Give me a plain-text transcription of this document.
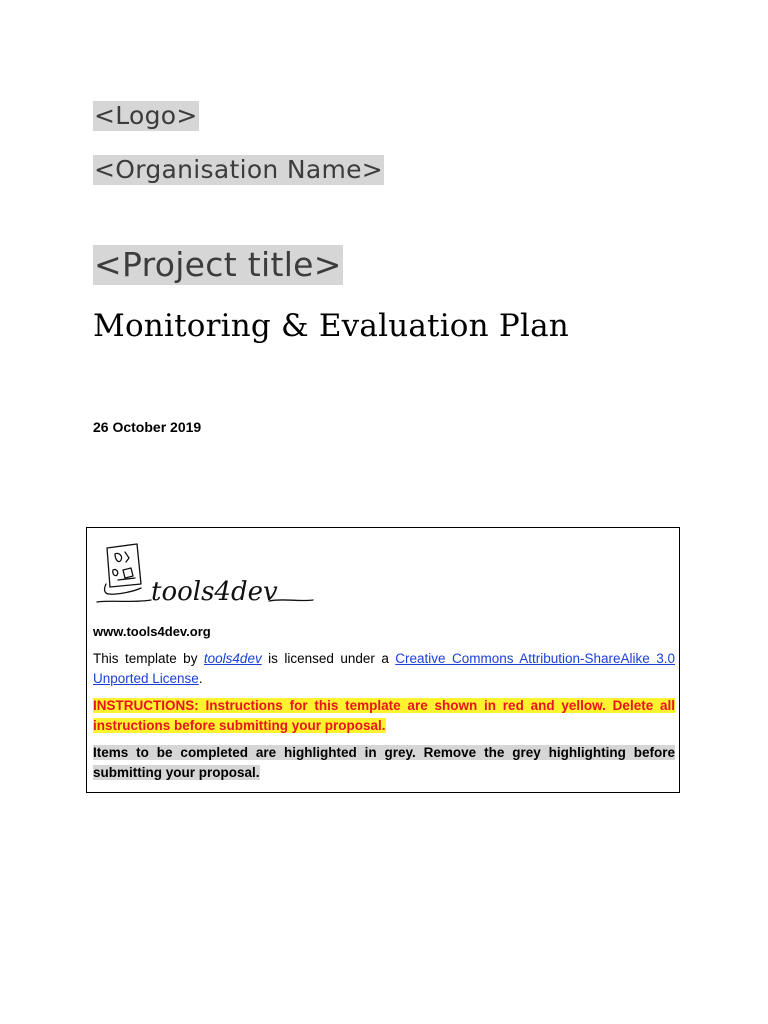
<Logo>
<Organisation Name>
<Project title>
Monitoring & Evaluation Plan
26 October 2019
tools4dev
www.tools4dev.org
This template by tools4dev is licensed under a Creative Commons Attribution-ShareAlike 3.0 Unported License.
INSTRUCTIONS: Instructions for this template are shown in red and yellow. Delete all instructions before submitting your proposal.
Items to be completed are highlighted in grey. Remove the grey highlighting before submitting your proposal.
